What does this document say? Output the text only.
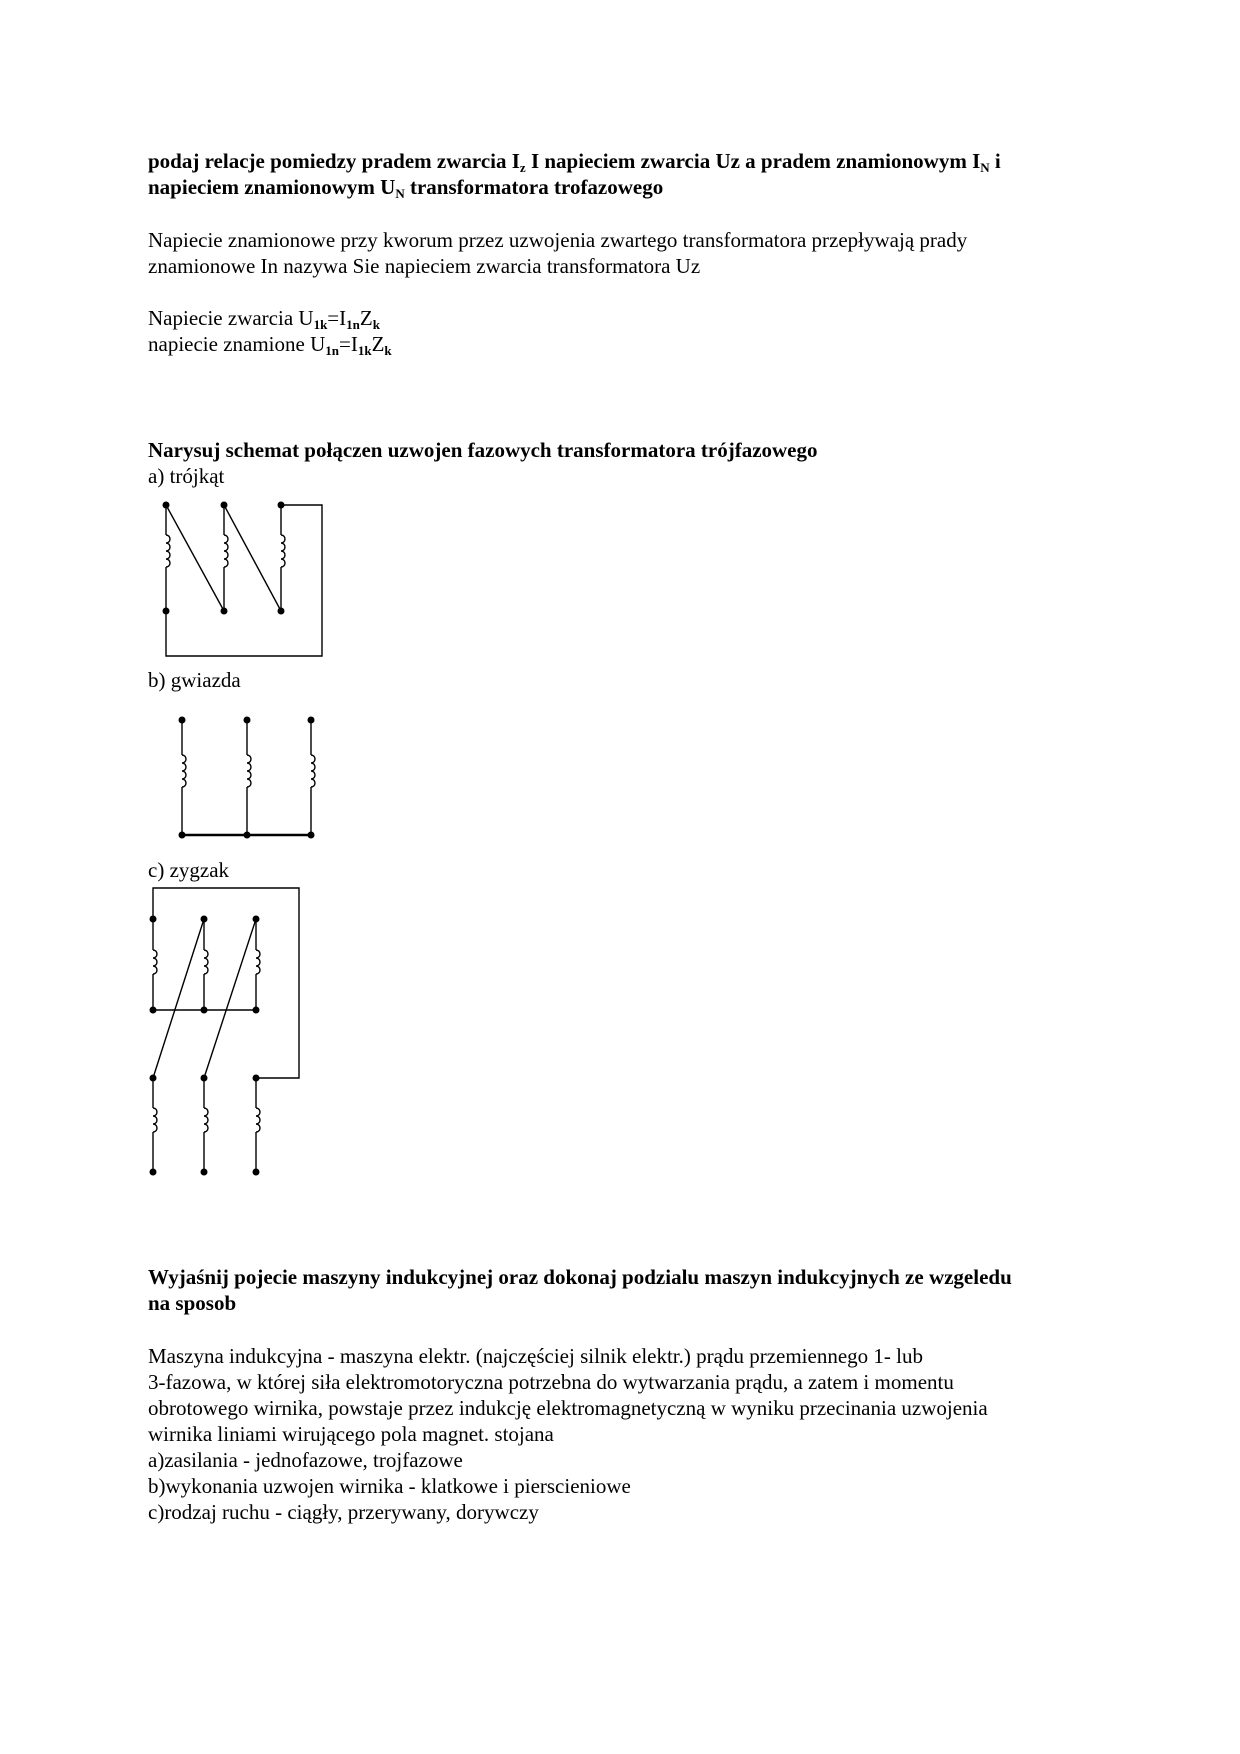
podaj relacje pomiedzy pradem zwarcia $I_z$ I napieciem zwarcia Uz a pradem znamionowym $I_N$ i
napieciem znamionowym $U_N$ transformatora trofazowego
Napiecie znamionowe przy kworum przez uzwojenia zwartego transformatora przepływają prady
znamionowe In nazywa Sie napieciem zwarcia transformatora Uz
Napiecie zwarcia $U_{1k}=I_{1n}Z_k$
napiecie znamione $U_{1n}=I_{1k}Z_k$
Narysuj schemat połączen uzwojen fazowych transformatora trójfazowego
a) trójkąt
b) gwiazda
c) zygzak
Wyjaśnij pojecie maszyny indukcyjnej oraz dokonaj podzialu maszyn indukcyjnych ze wzgeledu
na sposob
Maszyna indukcyjna - maszyna elektr. (najczęściej silnik elektr.) prądu przemiennego 1- lub
3-fazowa, w której siła elektromotoryczna potrzebna do wytwarzania prądu, a zatem i momentu
obrotowego wirnika, powstaje przez indukcję elektromagnetyczną w wyniku przecinania uzwojenia
wirnika liniami wirującego pola magnet. stojana
a)zasilania - jednofazowe, trojfazowe
b)wykonania uzwojen wirnika - klatkowe i pierscieniowe
c)rodzaj ruchu - ciągły, przerywany, dorywczy
